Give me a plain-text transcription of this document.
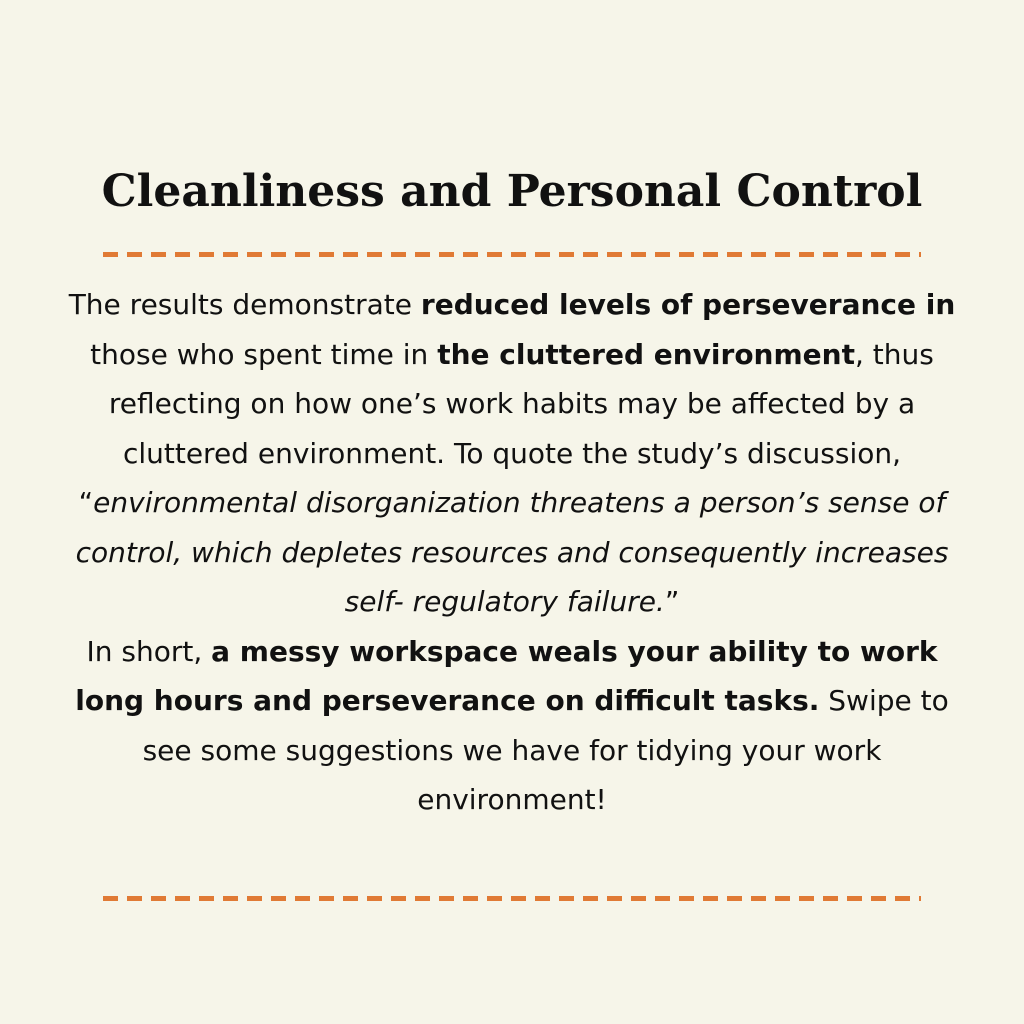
Cleanliness and Personal Control

The results demonstrate reduced levels of perseverance in those who spent time in the cluttered environment, thus reflecting on how one’s work habits may be affected by a cluttered environment. To quote the study’s discussion,
“environmental disorganization threatens a person’s sense of control, which depletes resources and consequently increases self- regulatory failure.”
In short, a messy workspace weals your ability to work long hours and perseverance on difficult tasks. Swipe to see some suggestions we have for tidying your work environment!
